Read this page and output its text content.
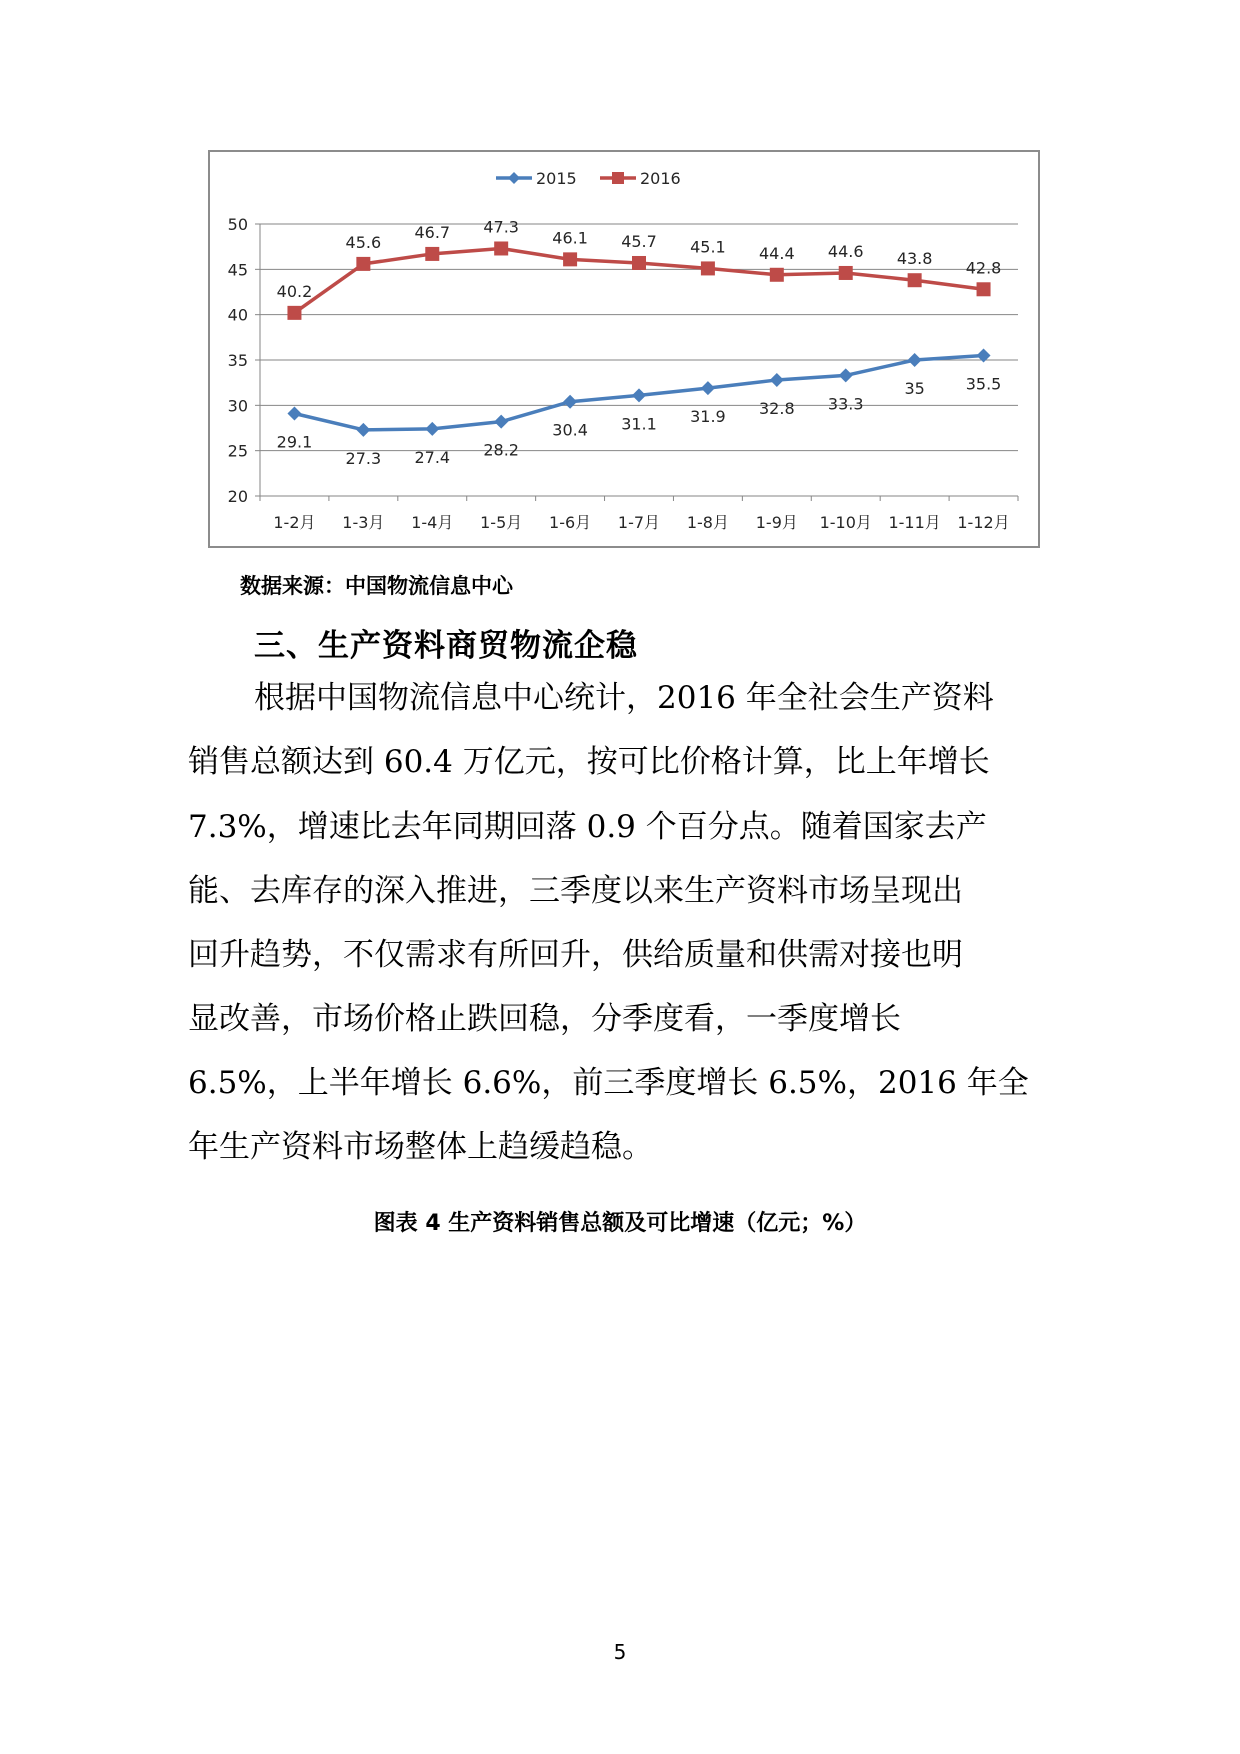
20
25
30
35
40
45
50
1-2月 1-3月 1-4月 1-5月 1-6月 1-7月 1-8月 1-9月 1-10月 1-11月 1-12月
29.1
27.3 27.4 28.2
30.4 31.1 31.9 32.8 33.3
35	35.5
40.2
45.6
46.7 47.3
46.1 45.7 45.1 44.4 44.6 43.8 42.8
2015	2016
数据来源：中国物流信息中心
三、生产资料商贸物流企稳
根据中国物流信息中心统计，2016 年全社会生产资料
销售总额达到 60.4 万亿元，按可比价格计算，比上年增长
7.3%，增速比去年同期回落 0.9 个百分点。随着国家去产
能、去库存的深入推进，三季度以来生产资料市场呈现出
回升趋势，不仅需求有所回升，供给质量和供需对接也明
显改善，市场价格止跌回稳，分季度看，一季度增长
6.5%，上半年增长 6.6%，前三季度增长 6.5%，2016 年全
年生产资料市场整体上趋缓趋稳。
图表 4 生产资料销售总额及可比增速（亿元；%）
5
